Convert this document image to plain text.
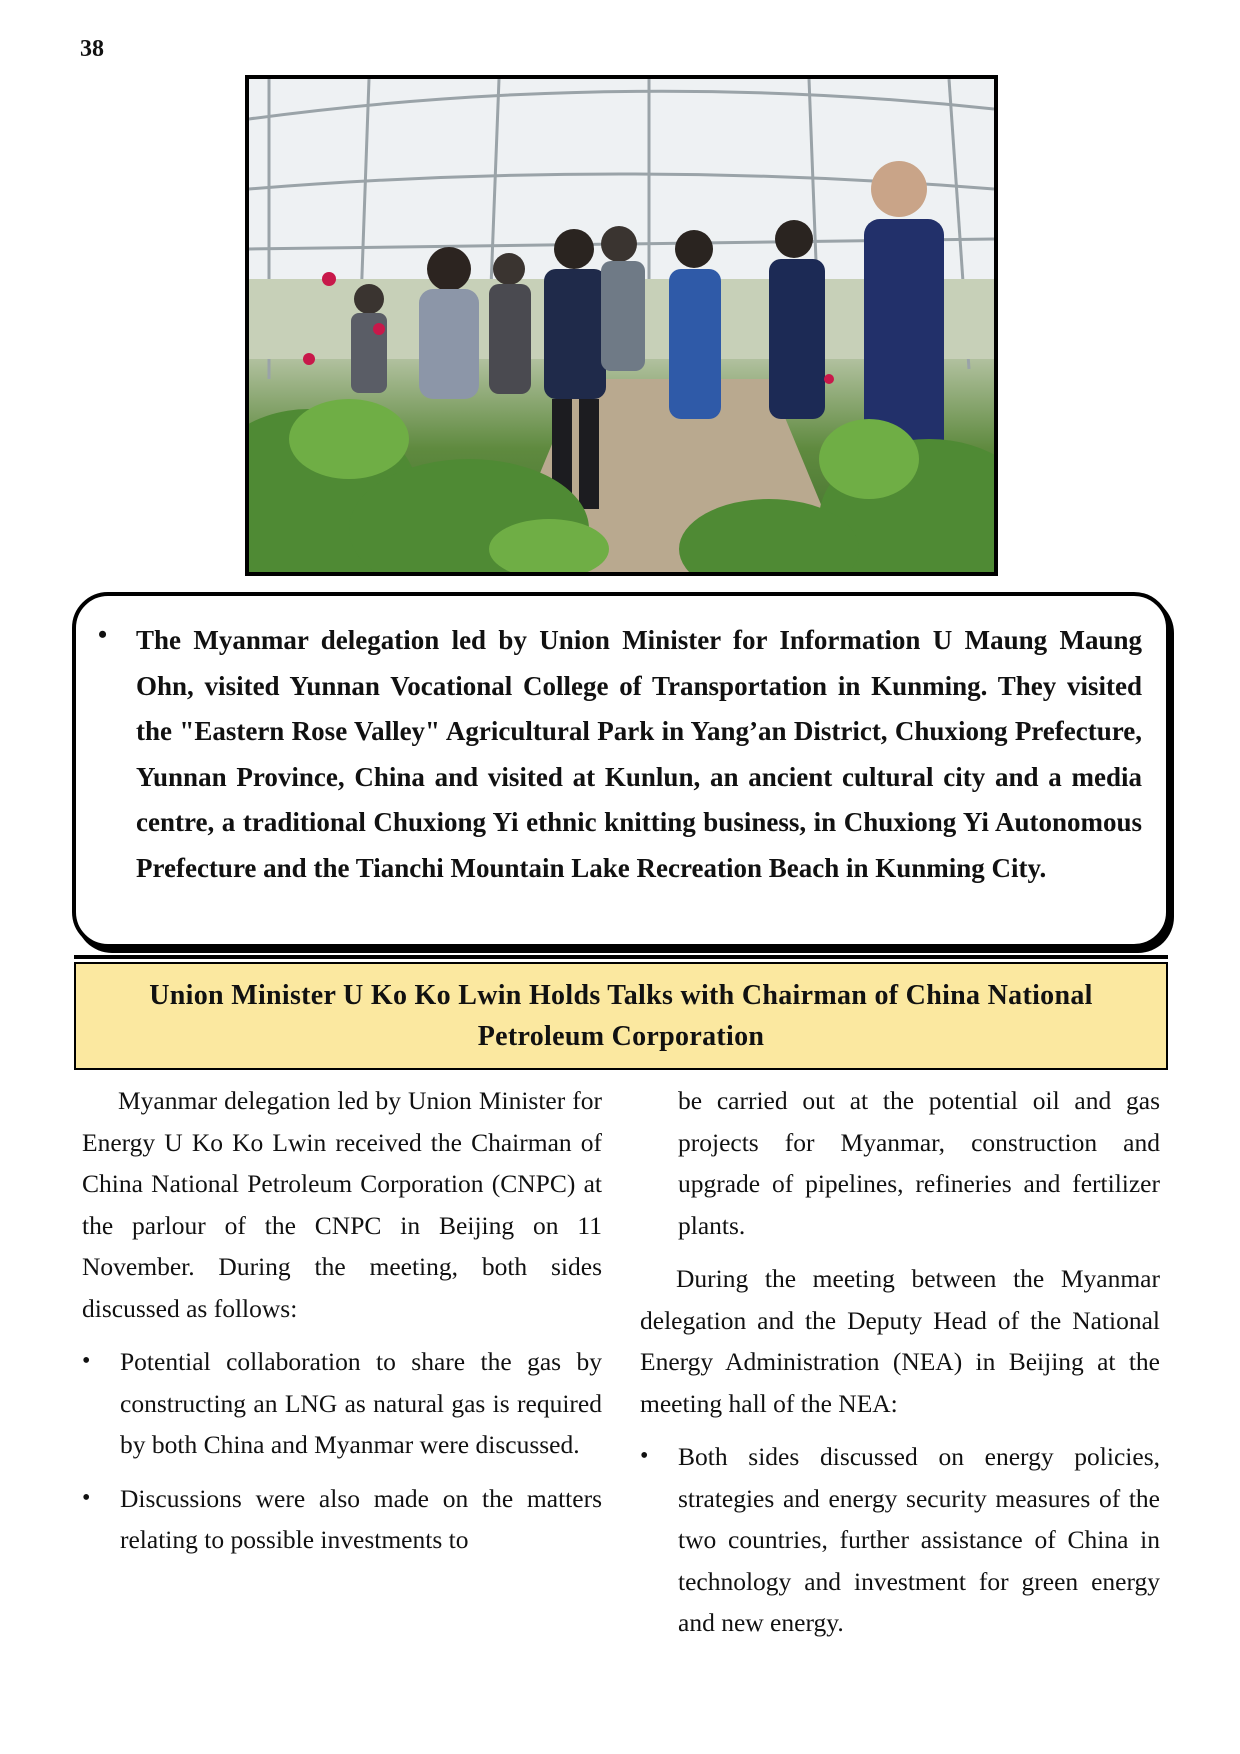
38
• The Myanmar delegation led by Union Minister for Information U Maung Maung Ohn, visited Yunnan Vocational College of Transportation in Kunming. They visited the "Eastern Rose Valley" Agricultural Park in Yang’an District, Chuxiong Prefecture, Yunnan Province, China and visited at Kunlun, an ancient cultural city and a media centre, a traditional Chuxiong Yi ethnic knitting business, in Chuxiong Yi Autonomous Prefecture and the Tianchi Mountain Lake Recreation Beach in Kunming City.
Union Minister U Ko Ko Lwin Holds Talks with Chairman of China National Petroleum Corporation

Myanmar delegation led by Union Minister for Energy U Ko Ko Lwin received the Chairman of China National Petroleum Corporation (CNPC) at the parlour of the CNPC in Beijing on 11 November. During the meeting, both sides discussed as follows:

• Potential collaboration to share the gas by constructing an LNG as natural gas is required by both China and Myanmar were discussed.
• Discussions were also made on the matters relating to possible investments to

be carried out at the potential oil and gas projects for Myanmar, construction and upgrade of pipelines, refineries and fertilizer plants.

During the meeting between the Myanmar delegation and the Deputy Head of the National Energy Administration (NEA) in Beijing at the meeting hall of the NEA:

• Both sides discussed on energy policies, strategies and energy security measures of the two countries, further assistance of China in technology and investment for green energy and new energy.
